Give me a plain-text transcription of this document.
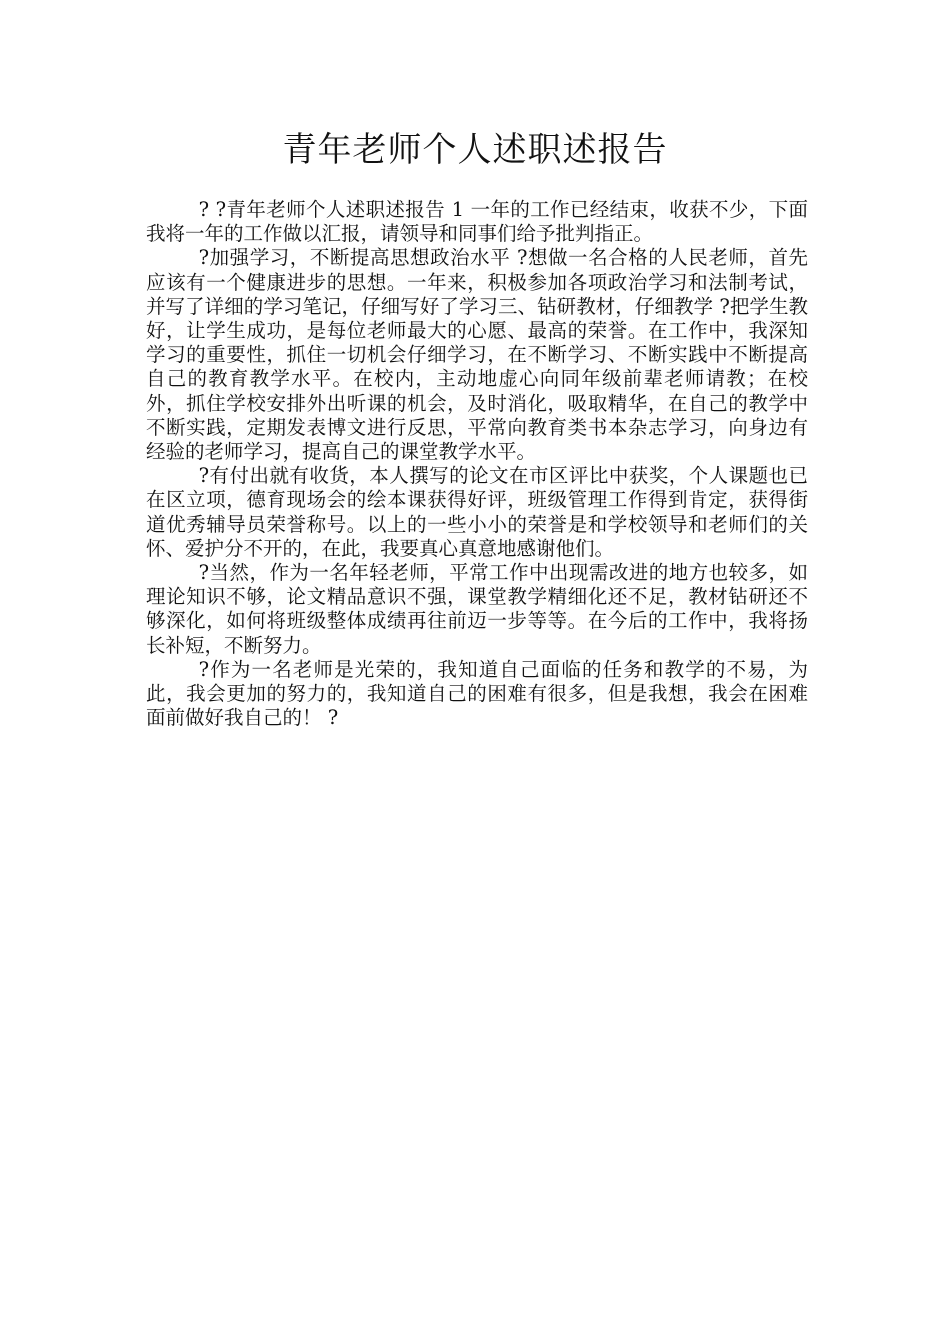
青年老师个人述职述报告

? ?青年老师个人述职述报告 1 一年的工作已经结束，收获不少，下面我将一年的工作做以汇报，请领导和同事们给予批判指正。

?加强学习，不断提高思想政治水平 ?想做一名合格的人民老师，首先应该有一个健康进步的思想。一年来，积极参加各项政治学习和法制考试，并写了详细的学习笔记，仔细写好了学习三、钻研教材，仔细教学 ?把学生教好，让学生成功，是每位老师最大的心愿、最高的荣誉。在工作中，我深知学习的重要性，抓住一切机会仔细学习，在不断学习、不断实践中不断提高自己的教育教学水平。在校内，主动地虚心向同年级前辈老师请教；在校外，抓住学校安排外出听课的机会，及时消化，吸取精华，在自己的教学中不断实践，定期发表博文进行反思，平常向教育类书本杂志学习，向身边有经验的老师学习，提高自己的课堂教学水平。

?有付出就有收货，本人撰写的论文在市区评比中获奖，个人课题也已在区立项，德育现场会的绘本课获得好评，班级管理工作得到肯定，获得街道优秀辅导员荣誉称号。以上的一些小小的荣誉是和学校领导和老师们的关怀、爱护分不开的，在此，我要真心真意地感谢他们。

?当然，作为一名年轻老师，平常工作中出现需改进的地方也较多，如理论知识不够，论文精品意识不强，课堂教学精细化还不足，教材钻研还不够深化，如何将班级整体成绩再往前迈一步等等。在今后的工作中，我将扬长补短，不断努力。

?作为一名老师是光荣的，我知道自己面临的任务和教学的不易，为此，我会更加的努力的，我知道自己的困难有很多，但是我想，我会在困难面前做好我自己的！ ?
